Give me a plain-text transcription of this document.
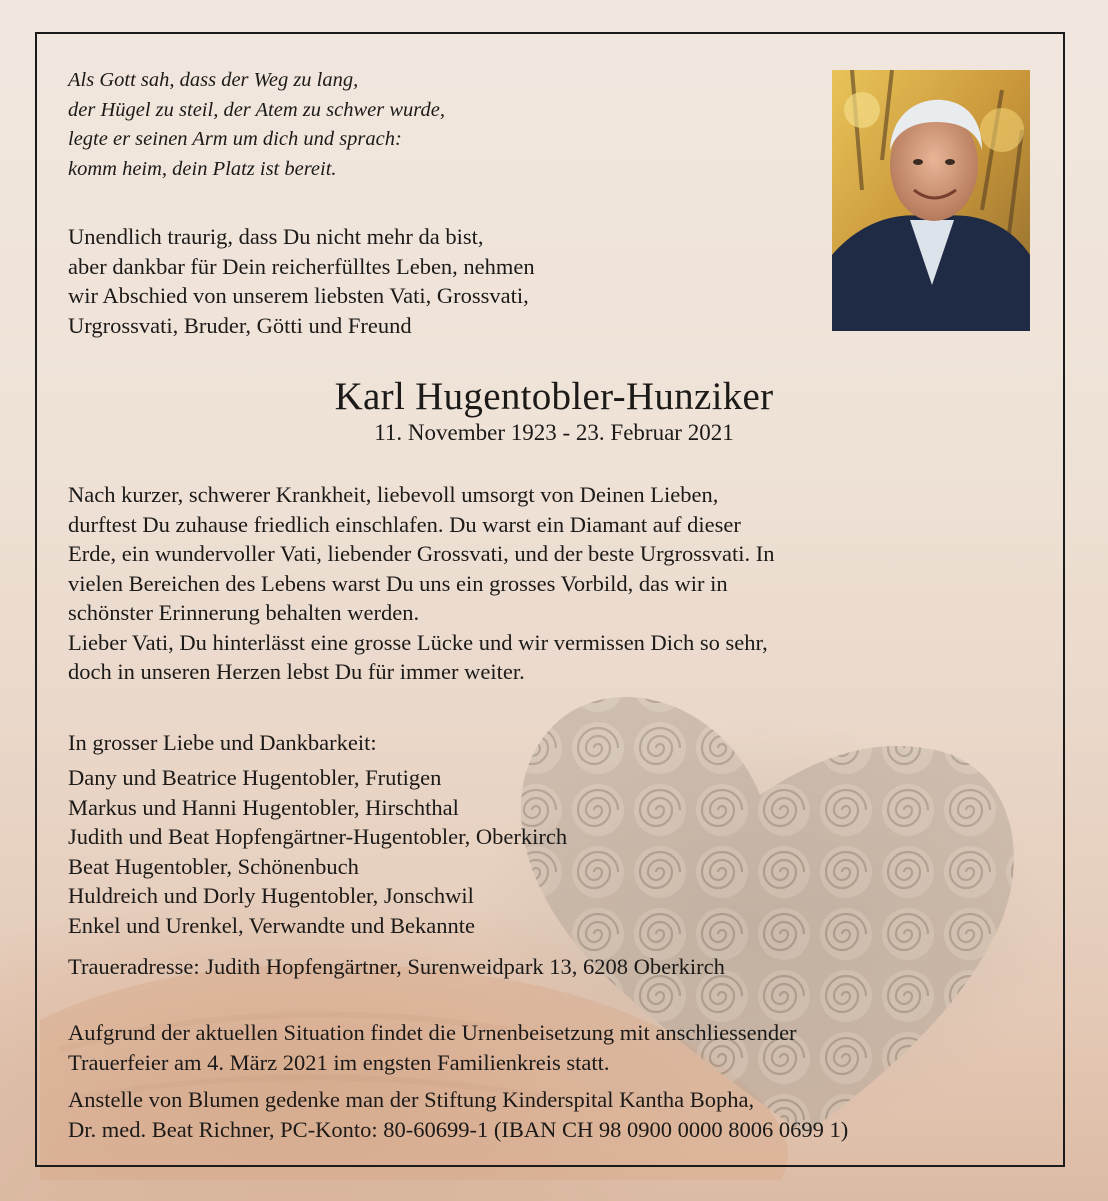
Als Gott sah, dass der Weg zu lang,
der Hügel zu steil, der Atem zu schwer wurde,
legte er seinen Arm um dich und sprach:
komm heim, dein Platz ist bereit.
Unendlich traurig, dass Du nicht mehr da bist,
aber dankbar für Dein reicherfülltes Leben, nehmen
wir Abschied von unserem liebsten Vati, Grossvati,
Urgrossvati, Bruder, Götti und Freund
Karl Hugentobler-Hunziker
11. November 1923 - 23. Februar 2021
Nach kurzer, schwerer Krankheit, liebevoll umsorgt von Deinen Lieben,
durftest Du zuhause friedlich einschlafen. Du warst ein Diamant auf dieser
Erde, ein wundervoller Vati, liebender Grossvati, und der beste Urgrossvati. In
vielen Bereichen des Lebens warst Du uns ein grosses Vorbild, das wir in
schönster Erinnerung behalten werden.
Lieber Vati, Du hinterlässt eine grosse Lücke und wir vermissen Dich so sehr,
doch in unseren Herzen lebst Du für immer weiter.
In grosser Liebe und Dankbarkeit:
Dany und Beatrice Hugentobler, Frutigen
Markus und Hanni Hugentobler, Hirschthal
Judith und Beat Hopfengärtner-Hugentobler, Oberkirch
Beat Hugentobler, Schönenbuch
Huldreich und Dorly Hugentobler, Jonschwil
Enkel und Urenkel, Verwandte und Bekannte
Traueradresse: Judith Hopfengärtner, Surenweidpark 13, 6208 Oberkirch
Aufgrund der aktuellen Situation findet die Urnenbeisetzung mit anschliessender
Trauerfeier am 4. März 2021 im engsten Familienkreis statt.
Anstelle von Blumen gedenke man der Stiftung Kinderspital Kantha Bopha,
Dr. med. Beat Richner, PC-Konto: 80-60699-1 (IBAN CH 98 0900 0000 8006 0699 1)
